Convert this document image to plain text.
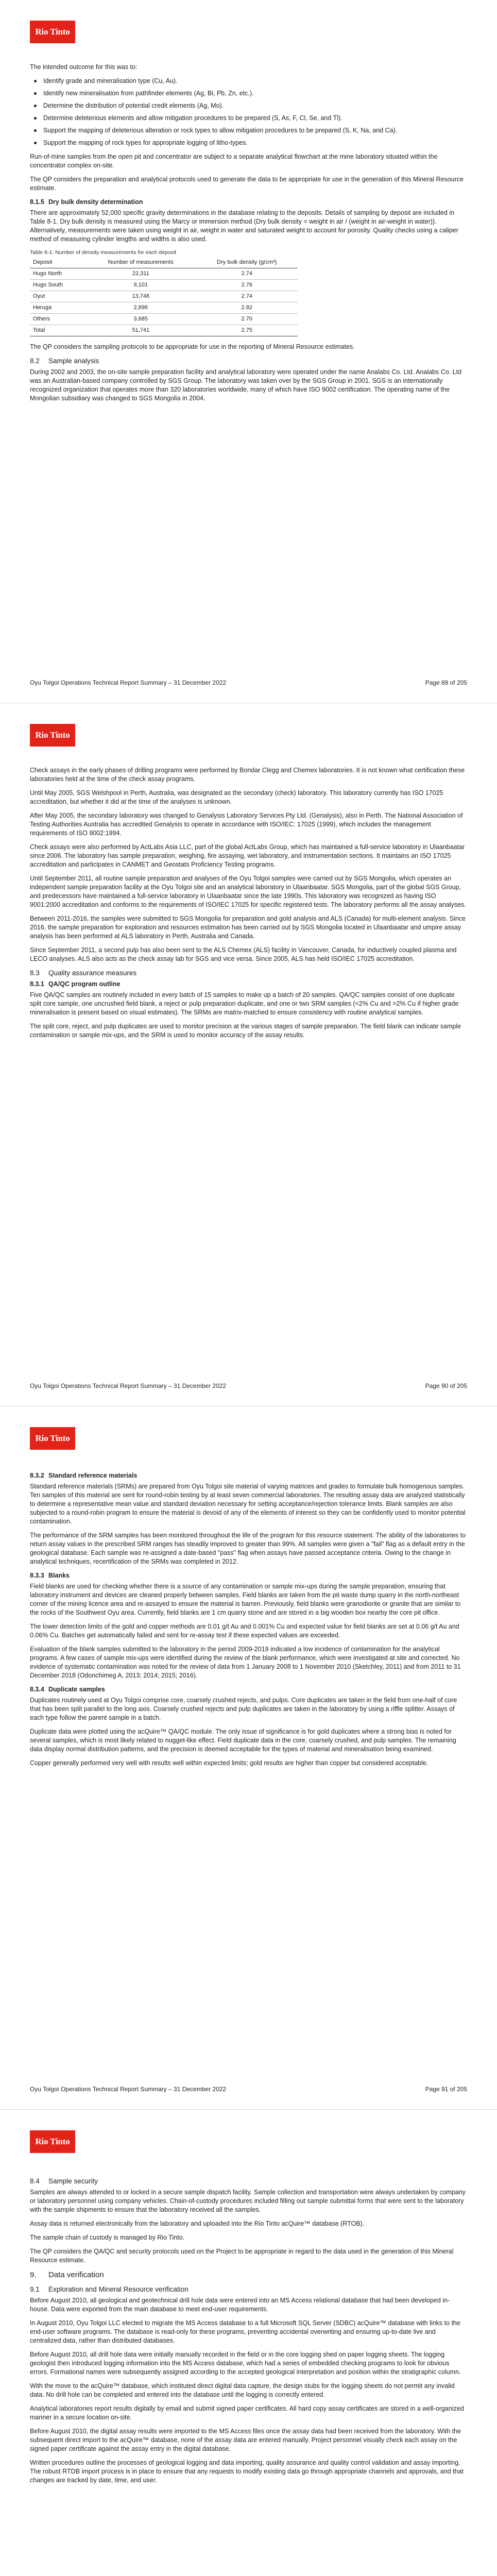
Rio Tinto
The intended outcome for this was to:
Identify grade and mineralisation type (Cu, Au).
Identify new mineralisation from pathfinder elements (Ag, Bi, Pb, Zn, etc.).
Determine the distribution of potential credit elements (Ag, Mo).
Determine deleterious elements and allow mitigation procedures to be prepared (S, As, F, Cl, Se, and Tl).
Support the mapping of deleterious alteration or rock types to allow mitigation procedures to be prepared (S, K, Na, and Ca).
Support the mapping of rock types for appropriate logging of litho-types.
Run-of-mine samples from the open pit and concentrator are subject to a separate analytical flowchart at the mine laboratory situated within the concentrator complex on-site.
The QP considers the preparation and analytical protocols used to generate the data to be appropriate for use in the generation of this Mineral Resource estimate.
8.1.5 Dry bulk density determination
There are approximately 52,000 specific gravity determinations in the database relating to the deposits. Details of sampling by deposit are included in Table 8-1. Dry bulk density is measured using the Marcy or immersion method (Dry bulk density = weight in air / (weight in air-weight in water)). Alternatively, measurements were taken using weight in air, weight in water and saturated weight to account for porosity. Quality checks using a caliper method of measuring cylinder lengths and widths is also used.
Table 8-1: Number of density measurements for each deposit
Deposit	Number of measurements	Dry bulk density (g/cm³)
Hugo North	22,311	2.74
Hugo South	9,101	2.76
Oyut	13,748	2.74
Heruga	2,896	2.82
Others	3,685	2.70
Total	51,741	2.75
The QP considers the sampling protocols to be appropriate for use in the reporting of Mineral Resource estimates.
8.2	Sample analysis
During 2002 and 2003, the on-site sample preparation facility and analytical laboratory were operated under the name Analabs Co. Ltd. Analabs Co. Ltd was an Australian-based company controlled by SGS Group. The laboratory was taken over by the SGS Group in 2001. SGS is an internationally recognized organization that operates more than 320 laboratories worldwide, many of which have ISO 9002 certification. The operating name of the Mongolian subsidiary was changed to SGS Mongolia in 2004.
Oyu Tolgoi Operations Technical Report Summary – 31 December 2022	Page 89 of 205
Rio Tinto
Check assays in the early phases of drilling programs were performed by Bondar Clegg and Chemex laboratories. It is not known what certification these laboratories held at the time of the check assay programs.
Until May 2005, SGS Welshpool in Perth, Australia, was designated as the secondary (check) laboratory. This laboratory currently has ISO 17025 accreditation, but whether it did at the time of the analyses is unknown.
After May 2005, the secondary laboratory was changed to Genalysis Laboratory Services Pty Ltd. (Genalysis), also in Perth. The National Association of Testing Authorities Australia has accredited Genalysis to operate in accordance with ISO/IEC: 17025 (1999), which includes the management requirements of ISO 9002:1994.
Check assays were also performed by ActLabs Asia LLC, part of the global ActLabs Group, which has maintained a full-service laboratory in Ulaanbaatar since 2006. The laboratory has sample preparation, weighing, fire assaying, wet laboratory, and instrumentation sections. It maintains an ISO 17025 accreditation and participates in CANMET and Geostats Proficiency Testing programs.
Until September 2011, all routine sample preparation and analyses of the Oyu Tolgoi samples were carried out by SGS Mongolia, which operates an independent sample preparation facility at the Oyu Tolgoi site and an analytical laboratory in Ulaanbaatar. SGS Mongolia, part of the global SGS Group, and predecessors have maintained a full-service laboratory in Ulaanbaatar since the late 1990s. This laboratory was recognized as having ISO 9001:2000 accreditation and conforms to the requirements of ISO/IEC 17025 for specific registered tests. The laboratory performs all the assay analyses.
Between 2011-2016, the samples were submitted to SGS Mongolia for preparation and gold analysis and ALS (Canada) for multi-element analysis. Since 2016, the sample preparation for exploration and resources estimation has been carried out by SGS Mongolia located in Ulaanbaatar and umpire assay analysis has been performed at ALS laboratory in Perth, Australia and Canada.
Since September 2011, a second pulp has also been sent to the ALS Chemex (ALS) facility in Vancouver, Canada, for inductively coupled plasma and LECO analyses. ALS also acts as the check assay lab for SGS and vice versa. Since 2005, ALS has held ISO/IEC 17025 accreditation.
8.3	Quality assurance measures
8.3.1 QA/QC program outline
Five QA/QC samples are routinely included in every batch of 15 samples to make up a batch of 20 samples. QA/QC samples consist of one duplicate split core sample, one uncrushed field blank, a reject or pulp preparation duplicate, and one or two SRM samples (<2% Cu and >2% Cu if higher grade mineralisation is present based on visual estimates). The SRMs are matrix-matched to ensure consistency with routine analytical samples.
The split core, reject, and pulp duplicates are used to monitor precision at the various stages of sample preparation. The field blank can indicate sample contamination or sample mix-ups, and the SRM is used to monitor accuracy of the assay results.
Oyu Tolgoi Operations Technical Report Summary – 31 December 2022	Page 90 of 205
Rio Tinto
8.3.2 Standard reference materials
Standard reference materials (SRMs) are prepared from Oyu Tolgoi site material of varying matrices and grades to formulate bulk homogenous samples. Ten samples of this material are sent for round-robin testing by at least seven commercial laboratories. The resulting assay data are analyzed statistically to determine a representative mean value and standard deviation necessary for setting acceptance/rejection tolerance limits. Blank samples are also subjected to a round-robin program to ensure the material is devoid of any of the elements of interest so they can be confidently used to monitor potential contamination.
The performance of the SRM samples has been monitored throughout the life of the program for this resource statement. The ability of the laboratories to return assay values in the prescribed SRM ranges has steadily improved to greater than 99%. All samples were given a "fail" flag as a default entry in the geological database. Each sample was re-assigned a date-based "pass" flag when assays have passed acceptance criteria. Owing to the change in analytical techniques, recertification of the SRMs was completed in 2012.
8.3.3 Blanks
Field blanks are used for checking whether there is a source of any contamination or sample mix-ups during the sample preparation, ensuring that laboratory instrument and devices are cleaned properly between samples. Field blanks are taken from the pit waste dump quarry in the north-northeast corner of the mining licence area and re-assayed to ensure the material is barren. Previously, field blanks were granodiorite or granite that are similar to the rocks of the Southwest Oyu area. Currently, field blanks are 1 cm quarry stone and are stored in a big wooden box nearby the core pit office.
The lower detection limits of the gold and copper methods are 0.01 g/t Au and 0.001% Cu and expected value for field blanks are set at 0.06 g/t Au and 0.06% Cu. Batches get automatically failed and sent for re-assay test if these expected values are exceeded.
Evaluation of the blank samples submitted to the laboratory in the period 2009-2019 indicated a low incidence of contamination for the analytical programs. A few cases of sample mix-ups were identified during the review of the blank performance, which were investigated at site and corrected. No evidence of systematic contamination was noted for the review of data from 1 January 2008 to 1 November 2010 (Sketchley, 2011) and from 2011 to 31 December 2018 (Odonchimeg A, 2013; 2014; 2015; 2016).
8.3.4 Duplicate samples
Duplicates routinely used at Oyu Tolgoi comprise core, coarsely crushed rejects, and pulps. Core duplicates are taken in the field from one-half of core that has been split parallel to the long axis. Coarsely crushed rejects and pulp duplicates are taken in the laboratory by using a riffle splitter. Assays of each type follow the parent sample in a batch.
Duplicate data were plotted using the acQuire™ QA/QC module. The only issue of significance is for gold duplicates where a strong bias is noted for several samples, which is most likely related to nugget-like effect. Field duplicate data in the core, coarsely crushed, and pulp samples. The remaining data display normal distribution patterns, and the precision is deemed acceptable for the types of material and mineralisation being examined.
Copper generally performed very well with results well within expected limits; gold results are higher than copper but considered acceptable.
Oyu Tolgoi Operations Technical Report Summary – 31 December 2022	Page 91 of 205
Rio Tinto
8.4	Sample security
Samples are always attended to or locked in a secure sample dispatch facility. Sample collection and transportation were always undertaken by company or laboratory personnel using company vehicles. Chain-of-custody procedures included filling out sample submittal forms that were sent to the laboratory with the sample shipments to ensure that the laboratory received all the samples.
Assay data is returned electronically from the laboratory and uploaded into the Rio Tinto acQuire™ database (RTOB).
The sample chain of custody is managed by Rio Tinto.
The QP considers the QA/QC and security protocols used on the Project to be appropriate in regard to the data used in the generation of this Mineral Resource estimate.
9.	Data verification
9.1	Exploration and Mineral Resource verification
Before August 2010, all geological and geotechnical drill hole data were entered into an MS Access relational database that had been developed in-house. Data were exported from the main database to meet end-user requirements.
In August 2010, Oyu Tolgoi LLC elected to migrate the MS Access database to a full Microsoft SQL Server (SDBC) acQuire™ database with links to the end-user software programs. The database is read-only for these programs, preventing accidental overwriting and ensuring up-to-date live and centralized data, rather than distributed databases.
Before August 2010, all drill hole data were initially manually recorded in the field or in the core logging shed on paper logging sheets. The logging geologist then introduced logging information into the MS Access database, which had a series of embedded checking programs to look for obvious errors. Formational names were subsequently assigned according to the accepted geological interpretation and position within the stratigraphic column.
With the move to the acQuire™ database, which instituted direct digital data capture, the design stubs for the logging sheets do not permit any invalid data. No drill hole can be completed and entered into the database until the logging is correctly entered.
Analytical laboratories report results digitally by email and submit signed paper certificates. All hard copy assay certificates are stored in a well-organized manner in a secure location on-site.
Before August 2010, the digital assay results were imported to the MS Access files once the assay data had been received from the laboratory. With the subsequent direct import to the acQuire™ database, none of the assay data are entered manually. Project personnel visually check each assay on the signed paper certificate against the assay entry in the digital database.
Written procedures outline the processes of geological logging and data importing, quality assurance and quality control validation and assay importing. The robust RTDB import process is in place to ensure that any requests to modify existing data go through appropriate channels and approvals, and that changes are tracked by date, time, and user.
